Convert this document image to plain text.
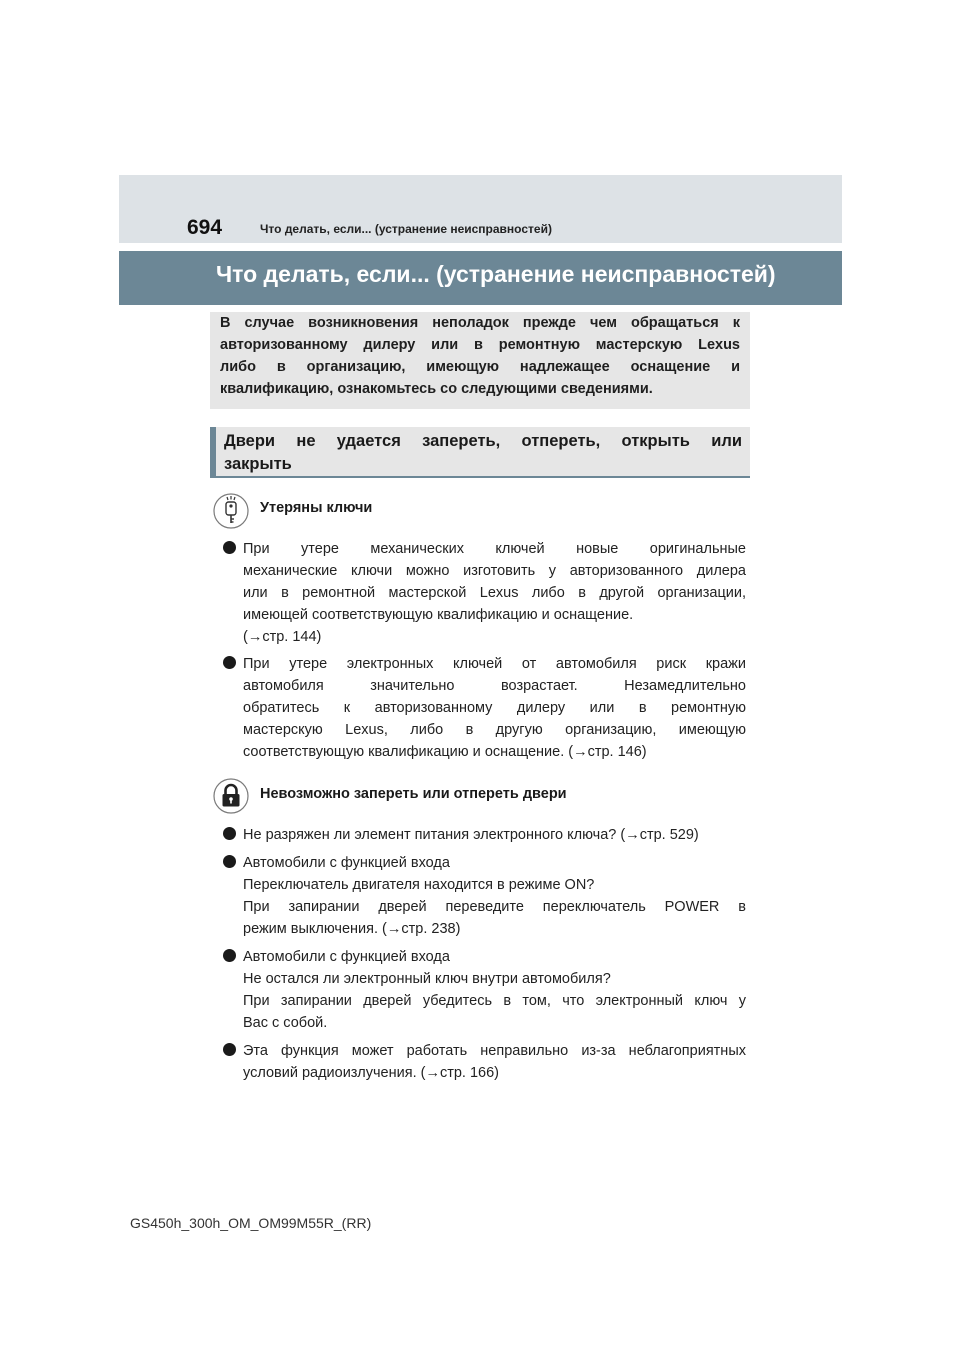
694	Что делать, если... (устранение неисправностей)
Что делать, если... (устранение неисправностей)

В случае возникновения неполадок прежде чем обращаться к
авторизованному дилеру или в ремонтную мастерскую Lexus
либо в организацию, имеющую надлежащее оснащение и
квалификацию, ознакомьтесь со следующими сведениями.

Двери не удается запереть, отпереть, открыть или
закрыть
Утеряны ключи
При утере механических ключей новые оригинальные
механические ключи можно изготовить у авторизованного дилера
или в ремонтной мастерской Lexus либо в другой организации,
имеющей соответствующую квалификацию и оснащение.
(→стр. 144)
При утере электронных ключей от автомобиля риск кражи
автомобиля значительно возрастает. Незамедлительно
обратитесь к авторизованному дилеру или в ремонтную
мастерскую Lexus, либо в другую организацию, имеющую
соответствующую квалификацию и оснащение. (→стр. 146)
Невозможно запереть или отпереть двери
Не разряжен ли элемент питания электронного ключа? (→стр. 529)
Автомобили с функцией входа
Переключатель двигателя находится в режиме ON?
При запирании дверей переведите переключатель POWER в
режим выключения. (→стр. 238)
Автомобили с функцией входа
Не остался ли электронный ключ внутри автомобиля?
При запирании дверей убедитесь в том, что электронный ключ у
Вас с собой.
Эта функция может работать неправильно из-за неблагоприятных
условий радиоизлучения. (→стр. 166)
GS450h_300h_OM_OM99M55R_(RR)
